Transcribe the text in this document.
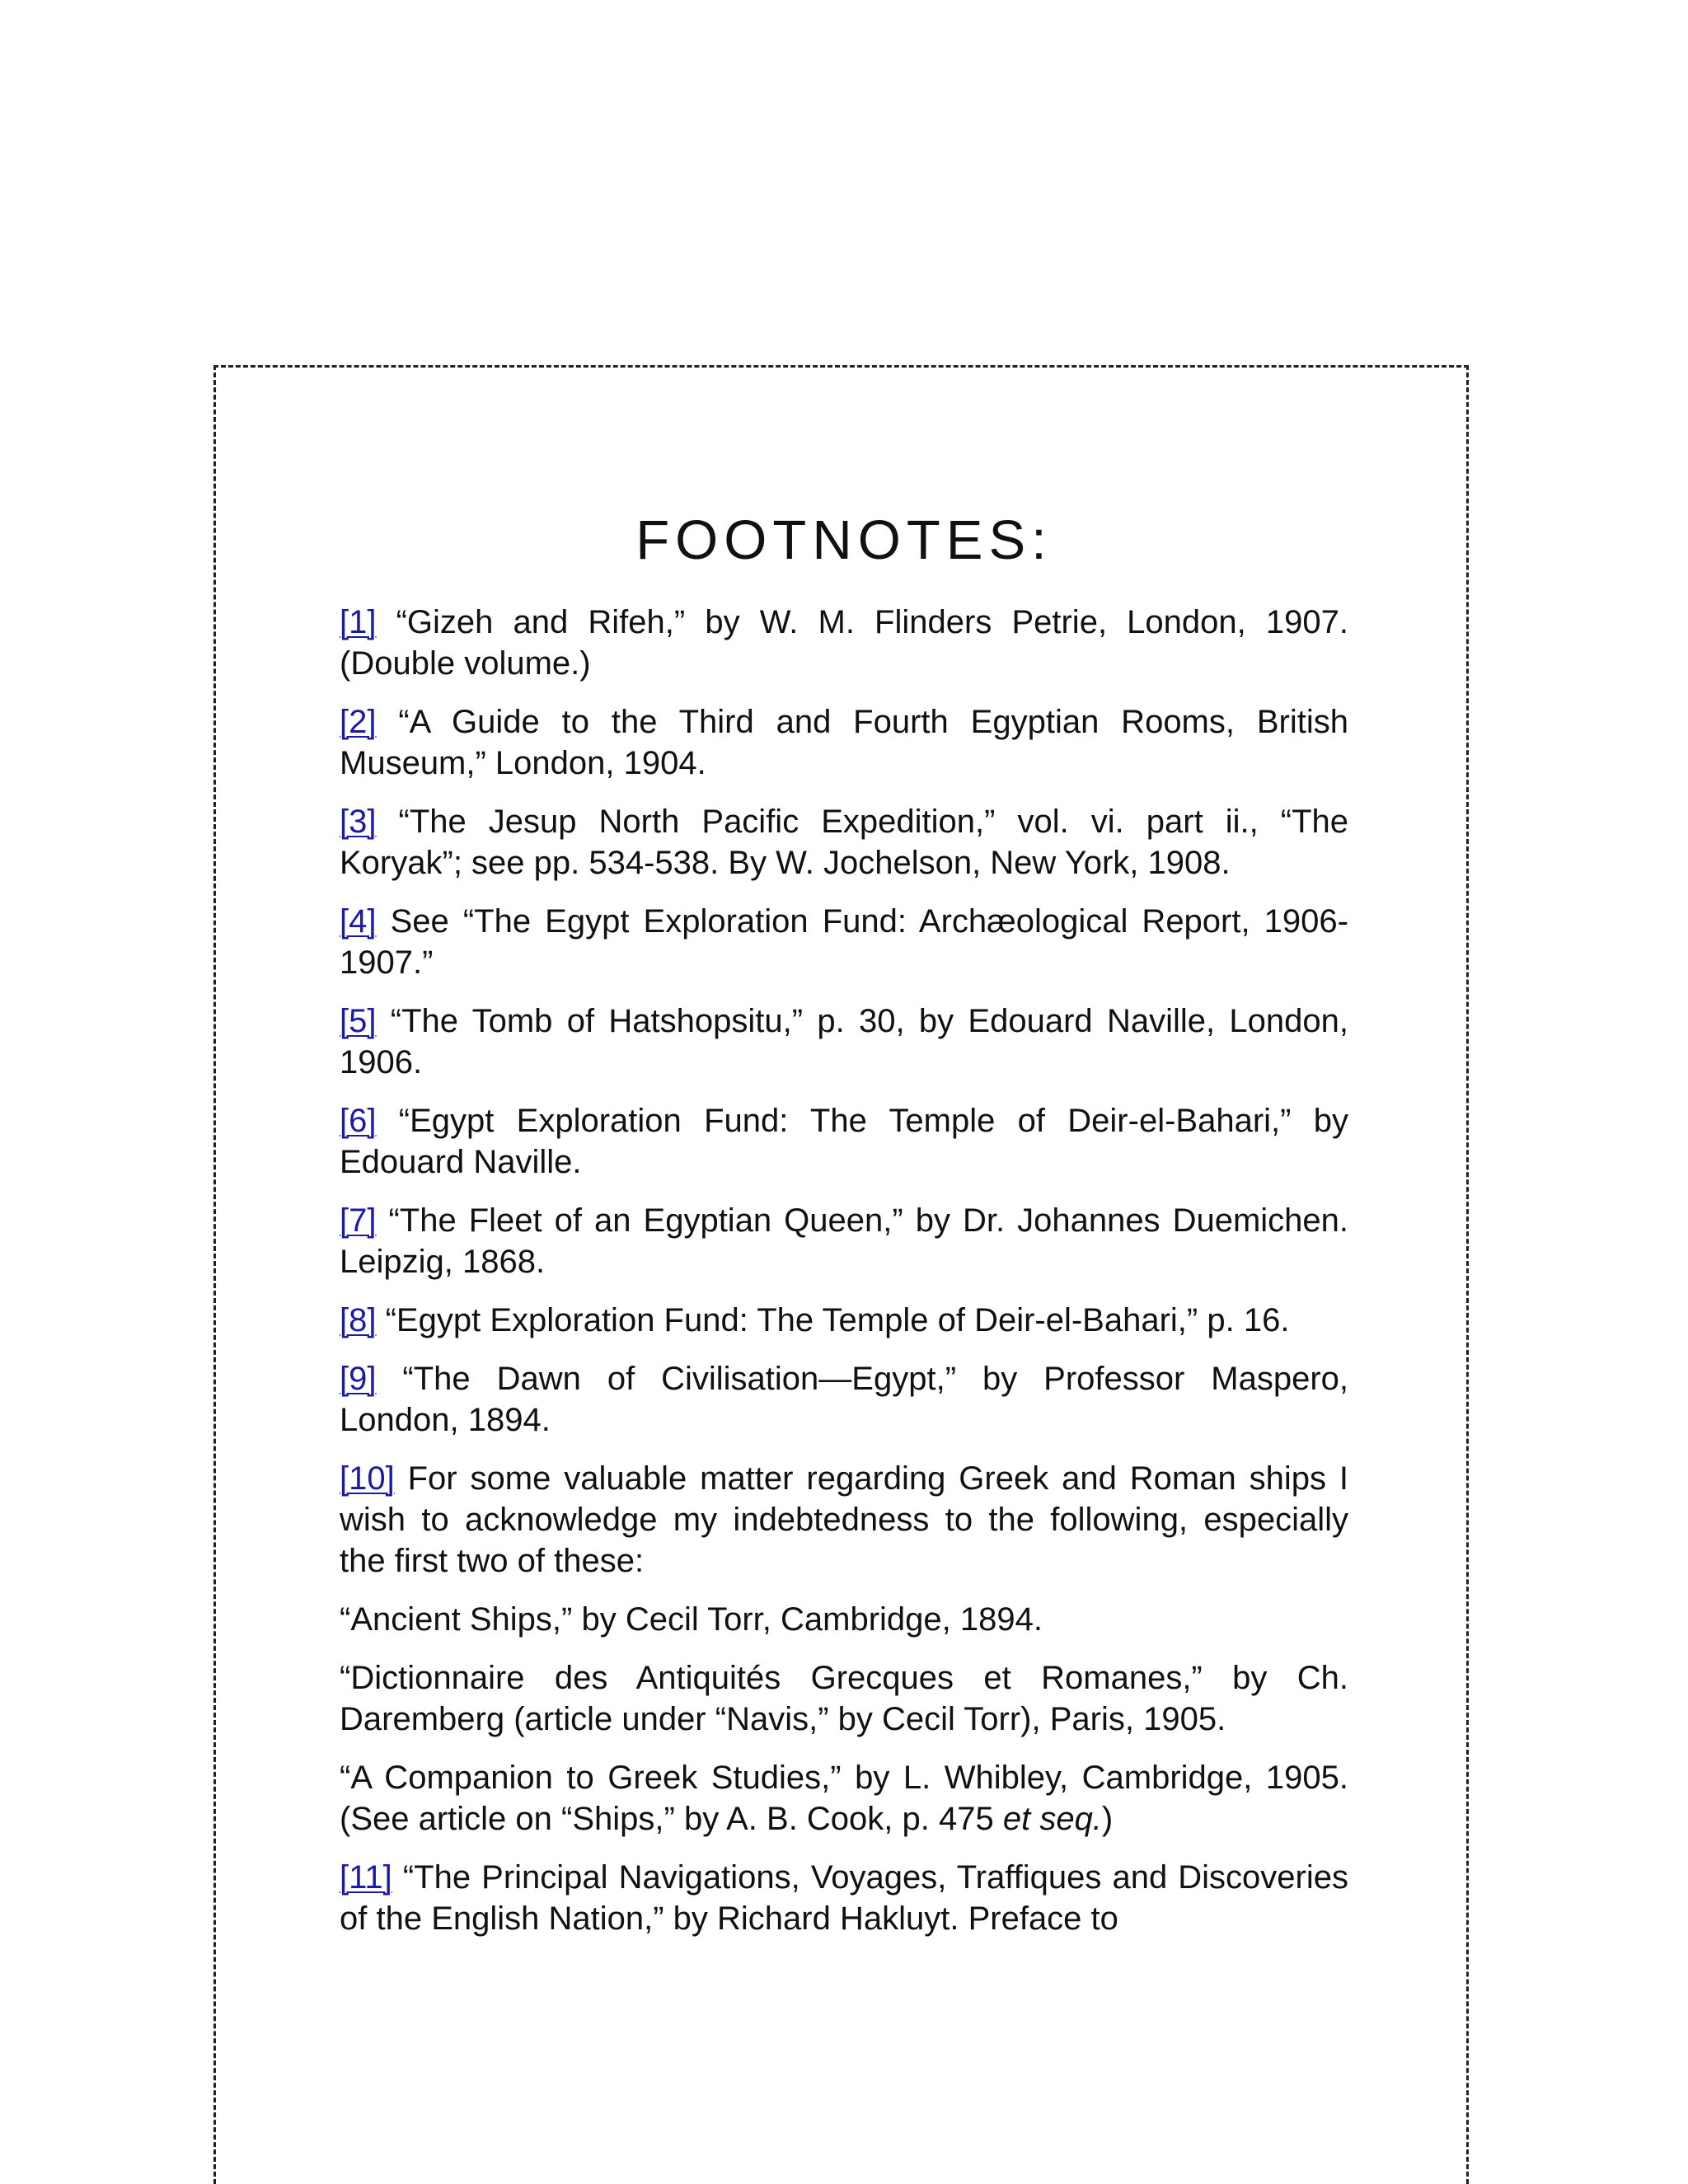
FOOTNOTES:

[1] “Gizeh and Rifeh,” by W. M. Flinders Petrie, London, 1907. (Double volume.)

[2] “A Guide to the Third and Fourth Egyptian Rooms, British Museum,” London, 1904.

[3] “The Jesup North Pacific Expedition,” vol. vi. part ii., “The Koryak”; see pp. 534-538. By W. Jochelson, New York, 1908.

[4] See “The Egypt Exploration Fund: Archæological Report, 1906-1907.”

[5] “The Tomb of Hatshopsitu,” p. 30, by Edouard Naville, London, 1906.

[6] “Egypt Exploration Fund: The Temple of Deir-el-Bahari,” by Edouard Naville.

[7] “The Fleet of an Egyptian Queen,” by Dr. Johannes Duemichen. Leipzig, 1868.

[8] “Egypt Exploration Fund: The Temple of Deir-el-Bahari,” p. 16.

[9] “The Dawn of Civilisation—Egypt,” by Professor Maspero, London, 1894.

[10] For some valuable matter regarding Greek and Roman ships I wish to acknowledge my indebtedness to the following, especially the first two of these:

“Ancient Ships,” by Cecil Torr, Cambridge, 1894.

“Dictionnaire des Antiquités Grecques et Romanes,” by Ch. Daremberg (article under “Navis,” by Cecil Torr), Paris, 1905.

“A Companion to Greek Studies,” by L. Whibley, Cambridge, 1905. (See article on “Ships,” by A. B. Cook, p. 475 et seq.)

[11] “The Principal Navigations, Voyages, Traffiques and Discoveries of the English Nation,” by Richard Hakluyt. Preface to
